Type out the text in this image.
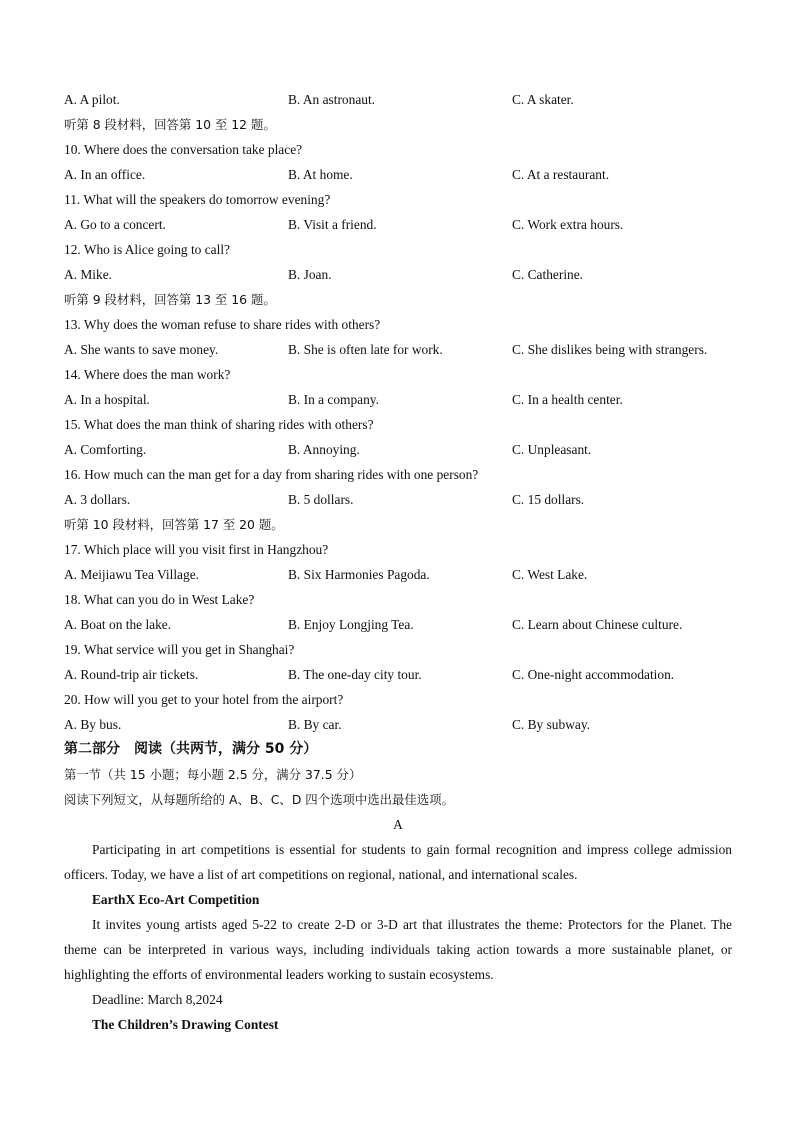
A. A pilot.	B. An astronaut.	C. A skater.
听第 8 段材料，回答第 10 至 12 题。
10. Where does the conversation take place?
A. In an office.	B. At home.	C. At a restaurant.
11. What will the speakers do tomorrow evening?
A. Go to a concert.	B. Visit a friend.	C. Work extra hours.
12. Who is Alice going to call?
A. Mike.	B. Joan.	C. Catherine.
听第 9 段材料，回答第 13 至 16 题。
13. Why does the woman refuse to share rides with others?
A. She wants to save money.	B. She is often late for work.	C. She dislikes being with strangers.
14. Where does the man work?
A. In a hospital.	B. In a company.	C. In a health center.
15. What does the man think of sharing rides with others?
A. Comforting.	B. Annoying.	C. Unpleasant.
16. How much can the man get for a day from sharing rides with one person?
A. 3 dollars.	B. 5 dollars.	C. 15 dollars.
听第 10 段材料，回答第 17 至 20 题。
17. Which place will you visit first in Hangzhou?
A. Meijiawu Tea Village.	B. Six Harmonies Pagoda.	C. West Lake.
18. What can you do in West Lake?
A. Boat on the lake.	B. Enjoy Longjing Tea.	C. Learn about Chinese culture.
19. What service will you get in Shanghai?
A. Round-trip air tickets.	B. The one-day city tour.	C. One-night accommodation.
20. How will you get to your hotel from the airport?
A. By bus.	B. By car.	C. By subway.
第二部分　阅读（共两节，满分 50 分）
第一节（共 15 小题；每小题 2.5 分，满分 37.5 分）
阅读下列短文，从每题所给的 A、B、C、D 四个选项中选出最佳选项。
A
Participating in art competitions is essential for students to gain formal recognition and impress college admission officers. Today, we have a list of art competitions on regional, national, and international scales.
EarthX Eco-Art Competition
It invites young artists aged 5-22 to create 2-D or 3-D art that illustrates the theme: Protectors for the Planet. The theme can be interpreted in various ways, including individuals taking action towards a more sustainable planet, or highlighting the efforts of environmental leaders working to sustain ecosystems.
Deadline: March 8,2024
The Children’s Drawing Contest
